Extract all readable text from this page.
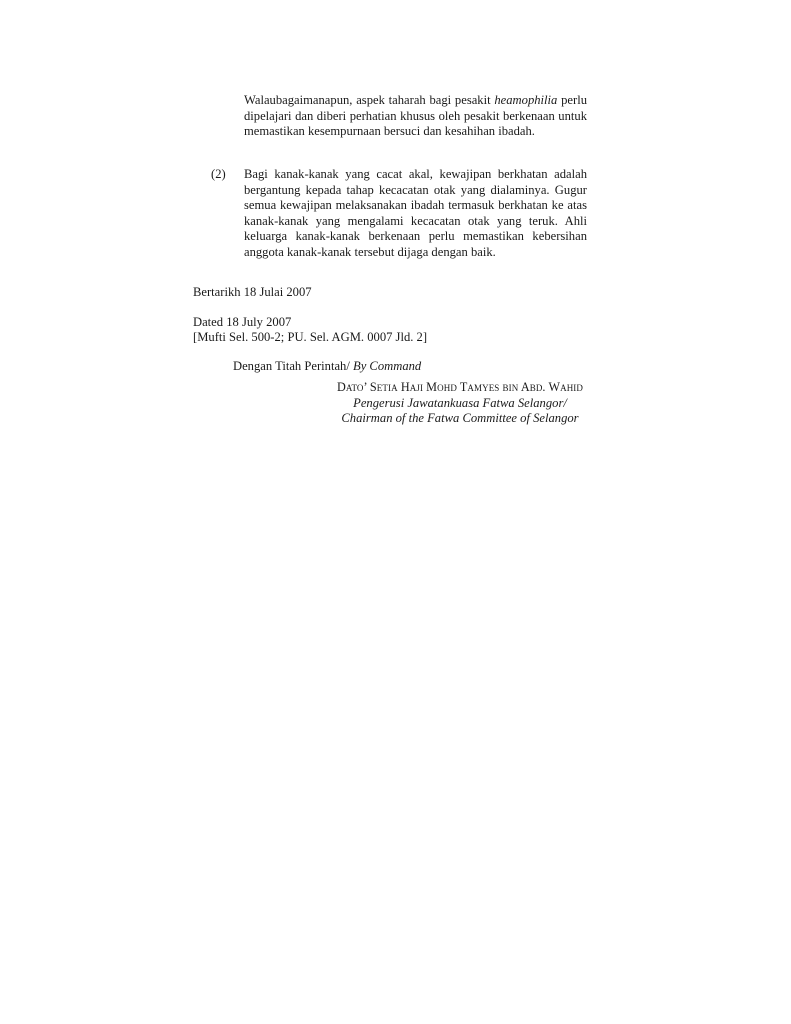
Walaubagaimanapun, aspek taharah bagi pesakit heamophilia perlu dipelajari dan diberi perhatian khusus oleh pesakit berkenaan untuk memastikan kesempurnaan bersuci dan kesahihan ibadah.
(2) Bagi kanak-kanak yang cacat akal, kewajipan berkhatan adalah bergantung kepada tahap kecacatan otak yang dialaminya. Gugur semua kewajipan melaksanakan ibadah termasuk berkhatan ke atas kanak-kanak yang mengalami kecacatan otak yang teruk. Ahli keluarga kanak-kanak berkenaan perlu memastikan kebersihan anggota kanak-kanak tersebut dijaga dengan baik.
Bertarikh 18 Julai 2007
Dated 18 July 2007
[Mufti Sel. 500-2; PU. Sel. AGM. 0007 Jld. 2]
Dengan Titah Perintah/ By Command
Dato’ Setia Haji Mohd Tamyes bin Abd. Wahid
Pengerusi Jawatankuasa Fatwa Selangor/
Chairman of the Fatwa Committee of Selangor
